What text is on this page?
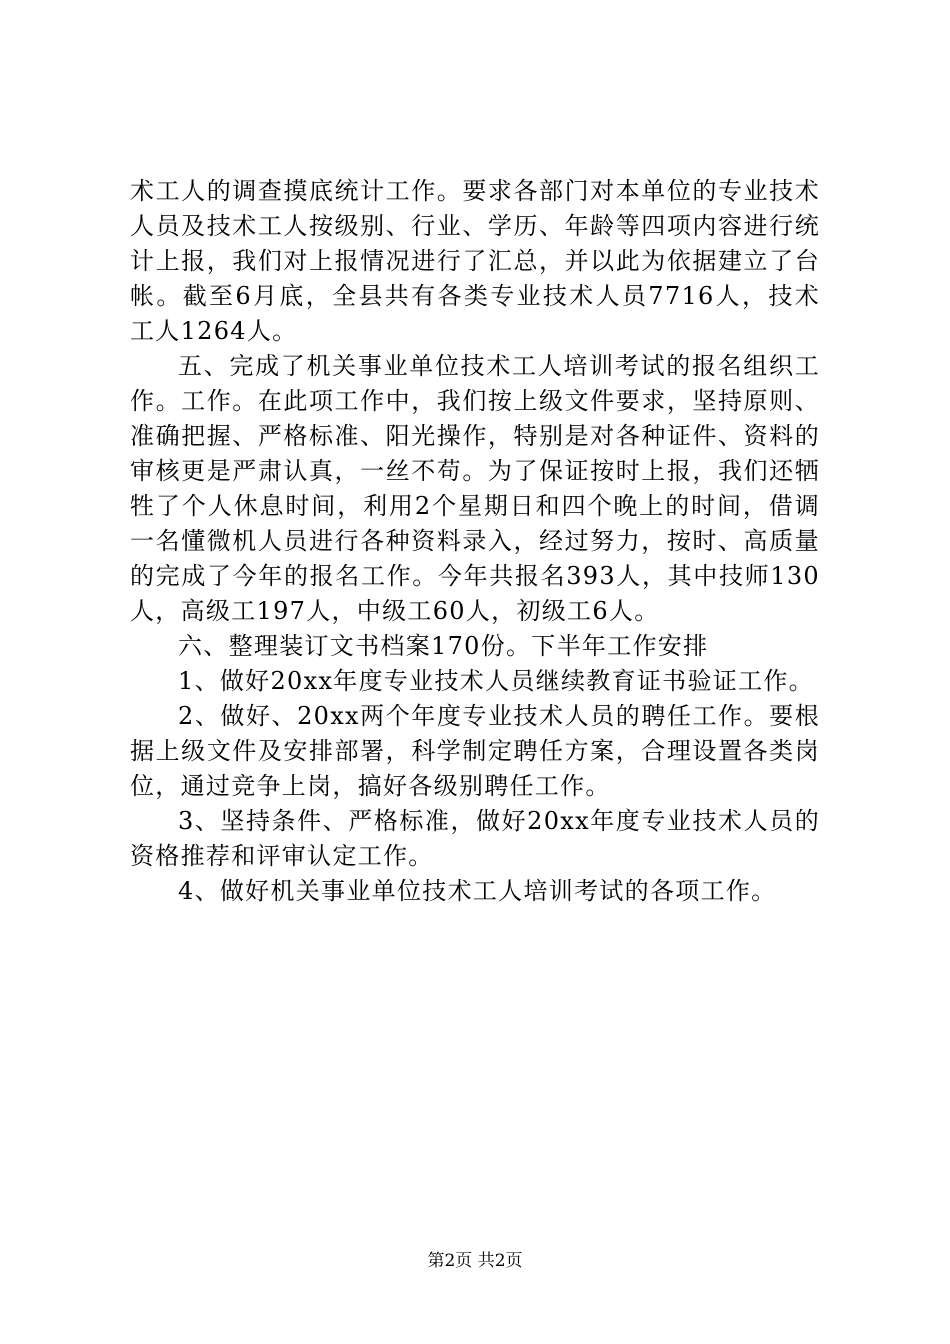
术工人的调查摸底统计工作。要求各部门对本单位的专业技术人员及技术工人按级别、行业、学历、年龄等四项内容进行统计上报，我们对上报情况进行了汇总，并以此为依据建立了台帐。截至6月底，全县共有各类专业技术人员7716人，技术工人1264人。

五、完成了机关事业单位技术工人培训考试的报名组织工作。工作。在此项工作中，我们按上级文件要求，坚持原则、准确把握、严格标准、阳光操作，特别是对各种证件、资料的审核更是严肃认真，一丝不苟。为了保证按时上报，我们还牺牲了个人休息时间，利用2个星期日和四个晚上的时间，借调一名懂微机人员进行各种资料录入，经过努力，按时、高质量的完成了今年的报名工作。今年共报名393人，其中技师130人，高级工197人，中级工60人，初级工6人。

六、整理装订文书档案170份。下半年工作安排

1、做好20xx年度专业技术人员继续教育证书验证工作。

2、做好、20xx两个年度专业技术人员的聘任工作。要根据上级文件及安排部署，科学制定聘任方案，合理设置各类岗位，通过竞争上岗，搞好各级别聘任工作。

3、坚持条件、严格标准，做好20xx年度专业技术人员的资格推荐和评审认定工作。

4、做好机关事业单位技术工人培训考试的各项工作。

第2页 共2页
